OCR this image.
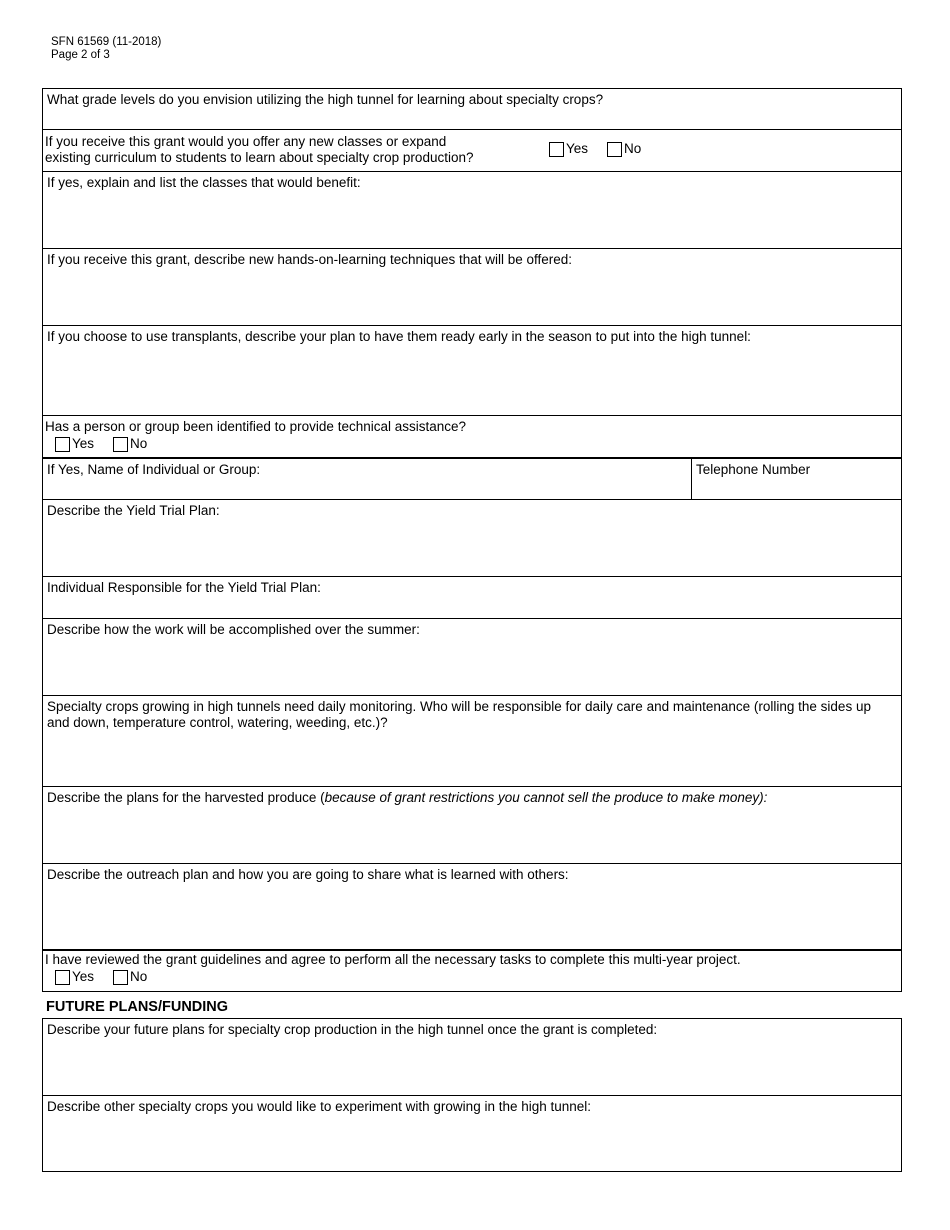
SFN 61569 (11-2018)
Page 2 of 3
What grade levels do you envision utilizing the high tunnel for learning about specialty crops?
If you receive this grant would you offer any new classes or expand
existing curriculum to students to learn about specialty crop production?
Yes	No
If yes, explain and list the classes that would benefit:
If you receive this grant, describe new hands-on-learning techniques that will be offered:
If you choose to use transplants, describe your plan to have them ready early in the season to put into the high tunnel:
Has a person or group been identified to provide technical assistance?
Yes	No
If Yes, Name of Individual or Group:	Telephone Number
Describe the Yield Trial Plan:
Individual Responsible for the Yield Trial Plan:
Describe how the work will be accomplished over the summer:
Specialty crops growing in high tunnels need daily monitoring. Who will be responsible for daily care and maintenance (rolling the sides up and down, temperature control, watering, weeding, etc.)?
Describe the plans for the harvested produce (because of grant restrictions you cannot sell the produce to make money):
Describe the outreach plan and how you are going to share what is learned with others:
I have reviewed the grant guidelines and agree to perform all the necessary tasks to complete this multi-year project.
Yes	No
FUTURE PLANS/FUNDING
Describe your future plans for specialty crop production in the high tunnel once the grant is completed:
Describe other specialty crops you would like to experiment with growing in the high tunnel:
